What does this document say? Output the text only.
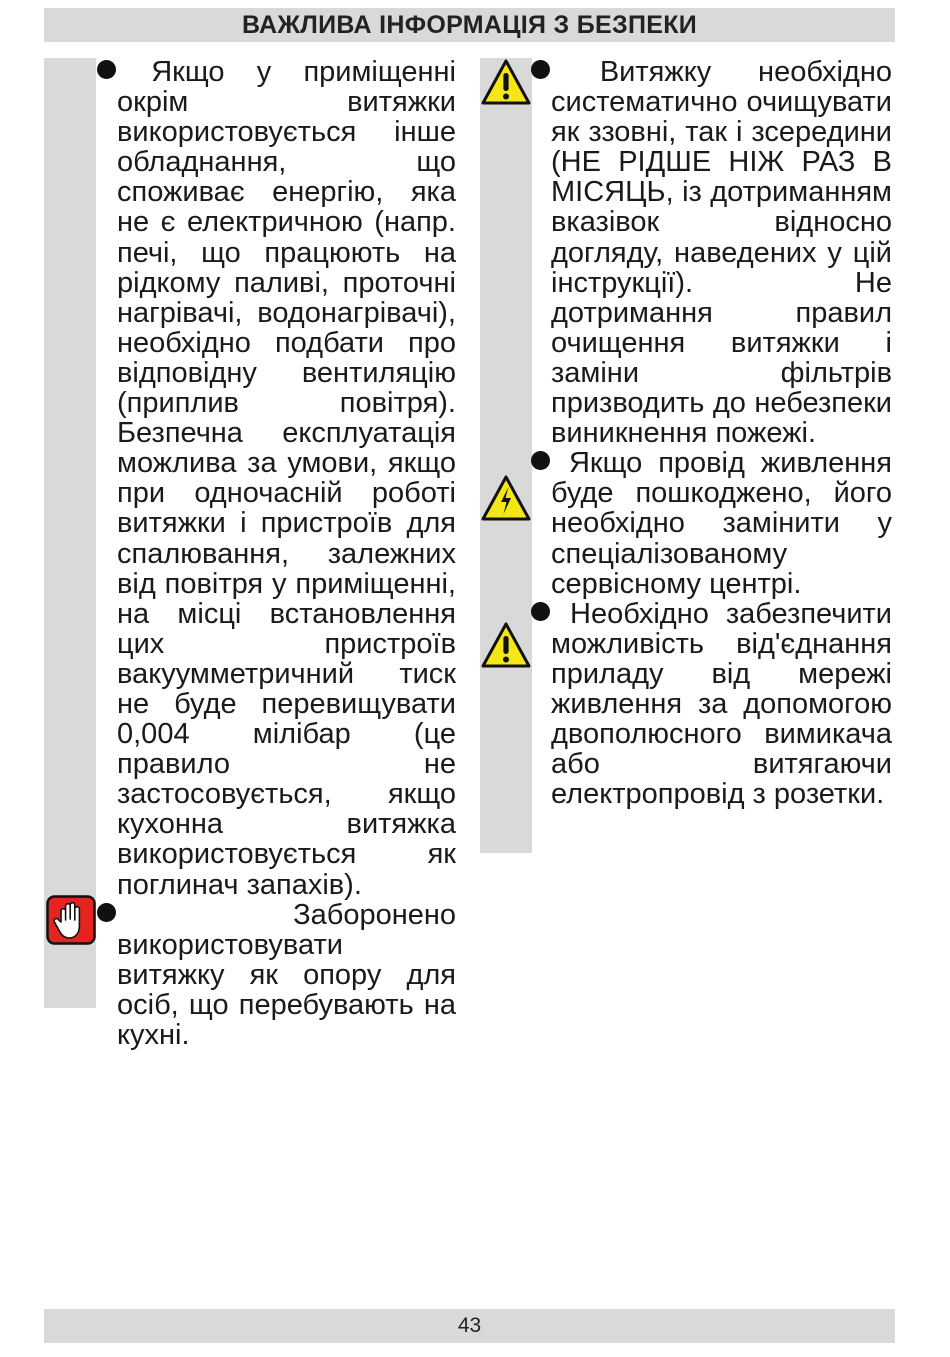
ВАЖЛИВА ІНФОРМАЦІЯ З БЕЗПЕКИ

Якщо у приміщенні окрім витяжки використовується інше обладнання, що споживає енергію, яка не є електричною (напр. печі, що працюють на рідкому паливі, проточні нагрівачі, водонагрівачі), необхідно подбати про відповідну вентиляцію (приплив повітря). Безпечна експлуатація можлива за умови, якщо при одночасній роботі витяжки і пристроїв для спалювання, залежних від повітря у приміщенні, на місці встановлення цих пристроїв вакуумметричний тиск не буде перевищувати 0,004 мілібар (це правило не застосовується, якщо кухонна витяжка використовується як поглинач запахів).

Заборонено використовувати витяжку як опору для осіб, що перебувають на кухні.

Витяжку необхідно систематично очищувати як ззовні, так і зсередини (НЕ РІДШЕ НІЖ РАЗ В МІСЯЦЬ, із дотриманням вказівок відносно догляду, наведених у цій інструкції). Не дотримання правил очищення витяжки і заміни фільтрів призводить до небезпеки виникнення пожежі.

Якщо провід живлення буде пошкоджено, його необхідно замінити у спеціалізованому сервісному центрі.

Необхідно забезпечити можливість від'єднання приладу від мережі живлення за допомогою двополюсного вимикача або витягаючи електропровід з розетки.

43
